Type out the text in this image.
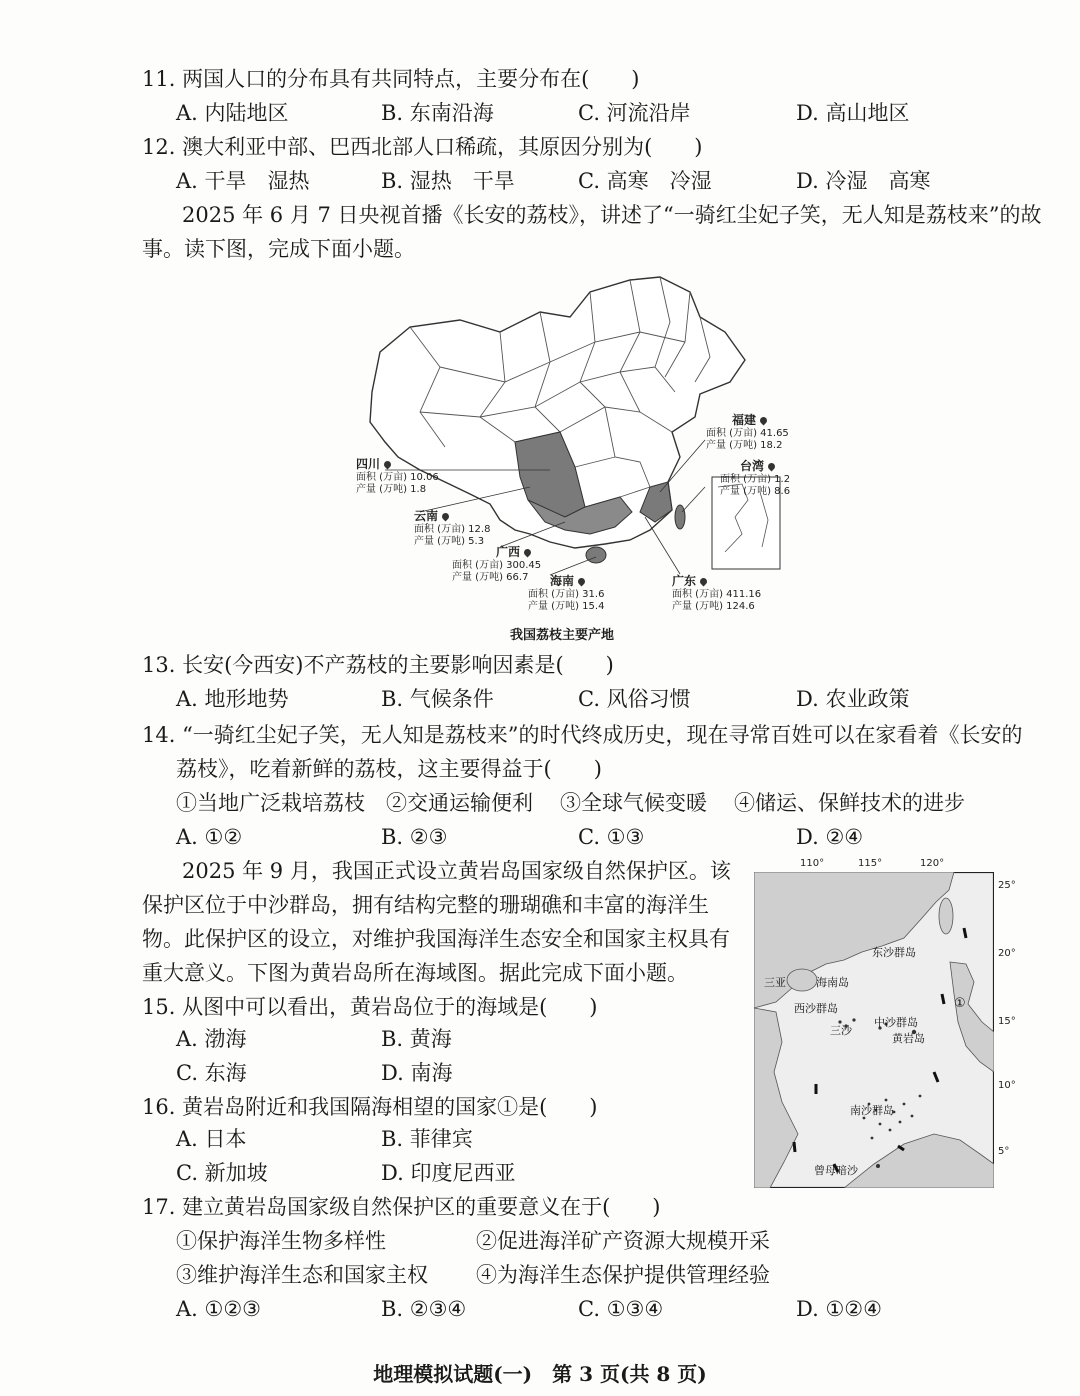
11. 两国人口的分布具有共同特点，主要分布在(　　)
A. 内陆地区	B. 东南沿海	C. 河流沿岸	D. 高山地区
12. 澳大利亚中部、巴西北部人口稀疏，其原因分别为(　　)
A. 干旱　湿热	B. 湿热　干旱	C. 高寒　冷湿	D. 冷湿　高寒
2025 年 6 月 7 日央视首播《长安的荔枝》，讲述了“一骑红尘妃子笑，无人知是荔枝来”的故
事。读下图，完成下面小题。
四川
面积 (万亩) 10.06
产量 (万吨) 1.8
云南
面积 (万亩) 12.8
产量 (万吨) 5.3
广西
面积 (万亩) 300.45
产量 (万吨) 66.7	海南
面积 (万亩) 31.6
产量 (万吨) 15.4
广东
面积 (万亩) 411.16
产量 (万吨) 124.6
福建
面积 (万亩) 41.65
产量 (万吨) 18.2
台湾
面积 (万亩) 1.2
产量 (万吨) 8.6
我国荔枝主要产地
13. 长安(今西安)不产荔枝的主要影响因素是(　　)
A. 地形地势	B. 气候条件	C. 风俗习惯	D. 农业政策
14. “一骑红尘妃子笑，无人知是荔枝来”的时代终成历史，现在寻常百姓可以在家看着《长安的
荔枝》，吃着新鲜的荔枝，这主要得益于(　　)
①当地广泛栽培荔枝 ②交通运输便利 ③全球气候变暖 ④储运、保鲜技术的进步
A. ①②	B. ②③	C. ①③	D. ②④
2025 年 9 月，我国正式设立黄岩岛国家级自然保护区。该
保护区位于中沙群岛，拥有结构完整的珊瑚礁和丰富的海洋生
物。此保护区的设立，对维护我国海洋生态安全和国家主权具有
重大意义。下图为黄岩岛所在海域图。据此完成下面小题。
110°	115°	120°
25°
20°
15°
10°
5°
东沙群岛
三亚	海南岛
西沙群岛
三沙
中沙群岛
黄岩岛
①
南沙群岛
曾母暗沙
15. 从图中可以看出，黄岩岛位于的海域是(　　)
A. 渤海	B. 黄海
C. 东海	D. 南海
16. 黄岩岛附近和我国隔海相望的国家①是(　　)
A. 日本	B. 菲律宾
C. 新加坡	D. 印度尼西亚
17. 建立黄岩岛国家级自然保护区的重要意义在于(　　)
①保护海洋生物多样性	②促进海洋矿产资源大规模开采
③维护海洋生态和国家主权 ④为海洋生态保护提供管理经验
A. ①②③	B. ②③④	C. ①③④	D. ①②④
地理模拟试题(一)　第 3 页(共 8 页)
